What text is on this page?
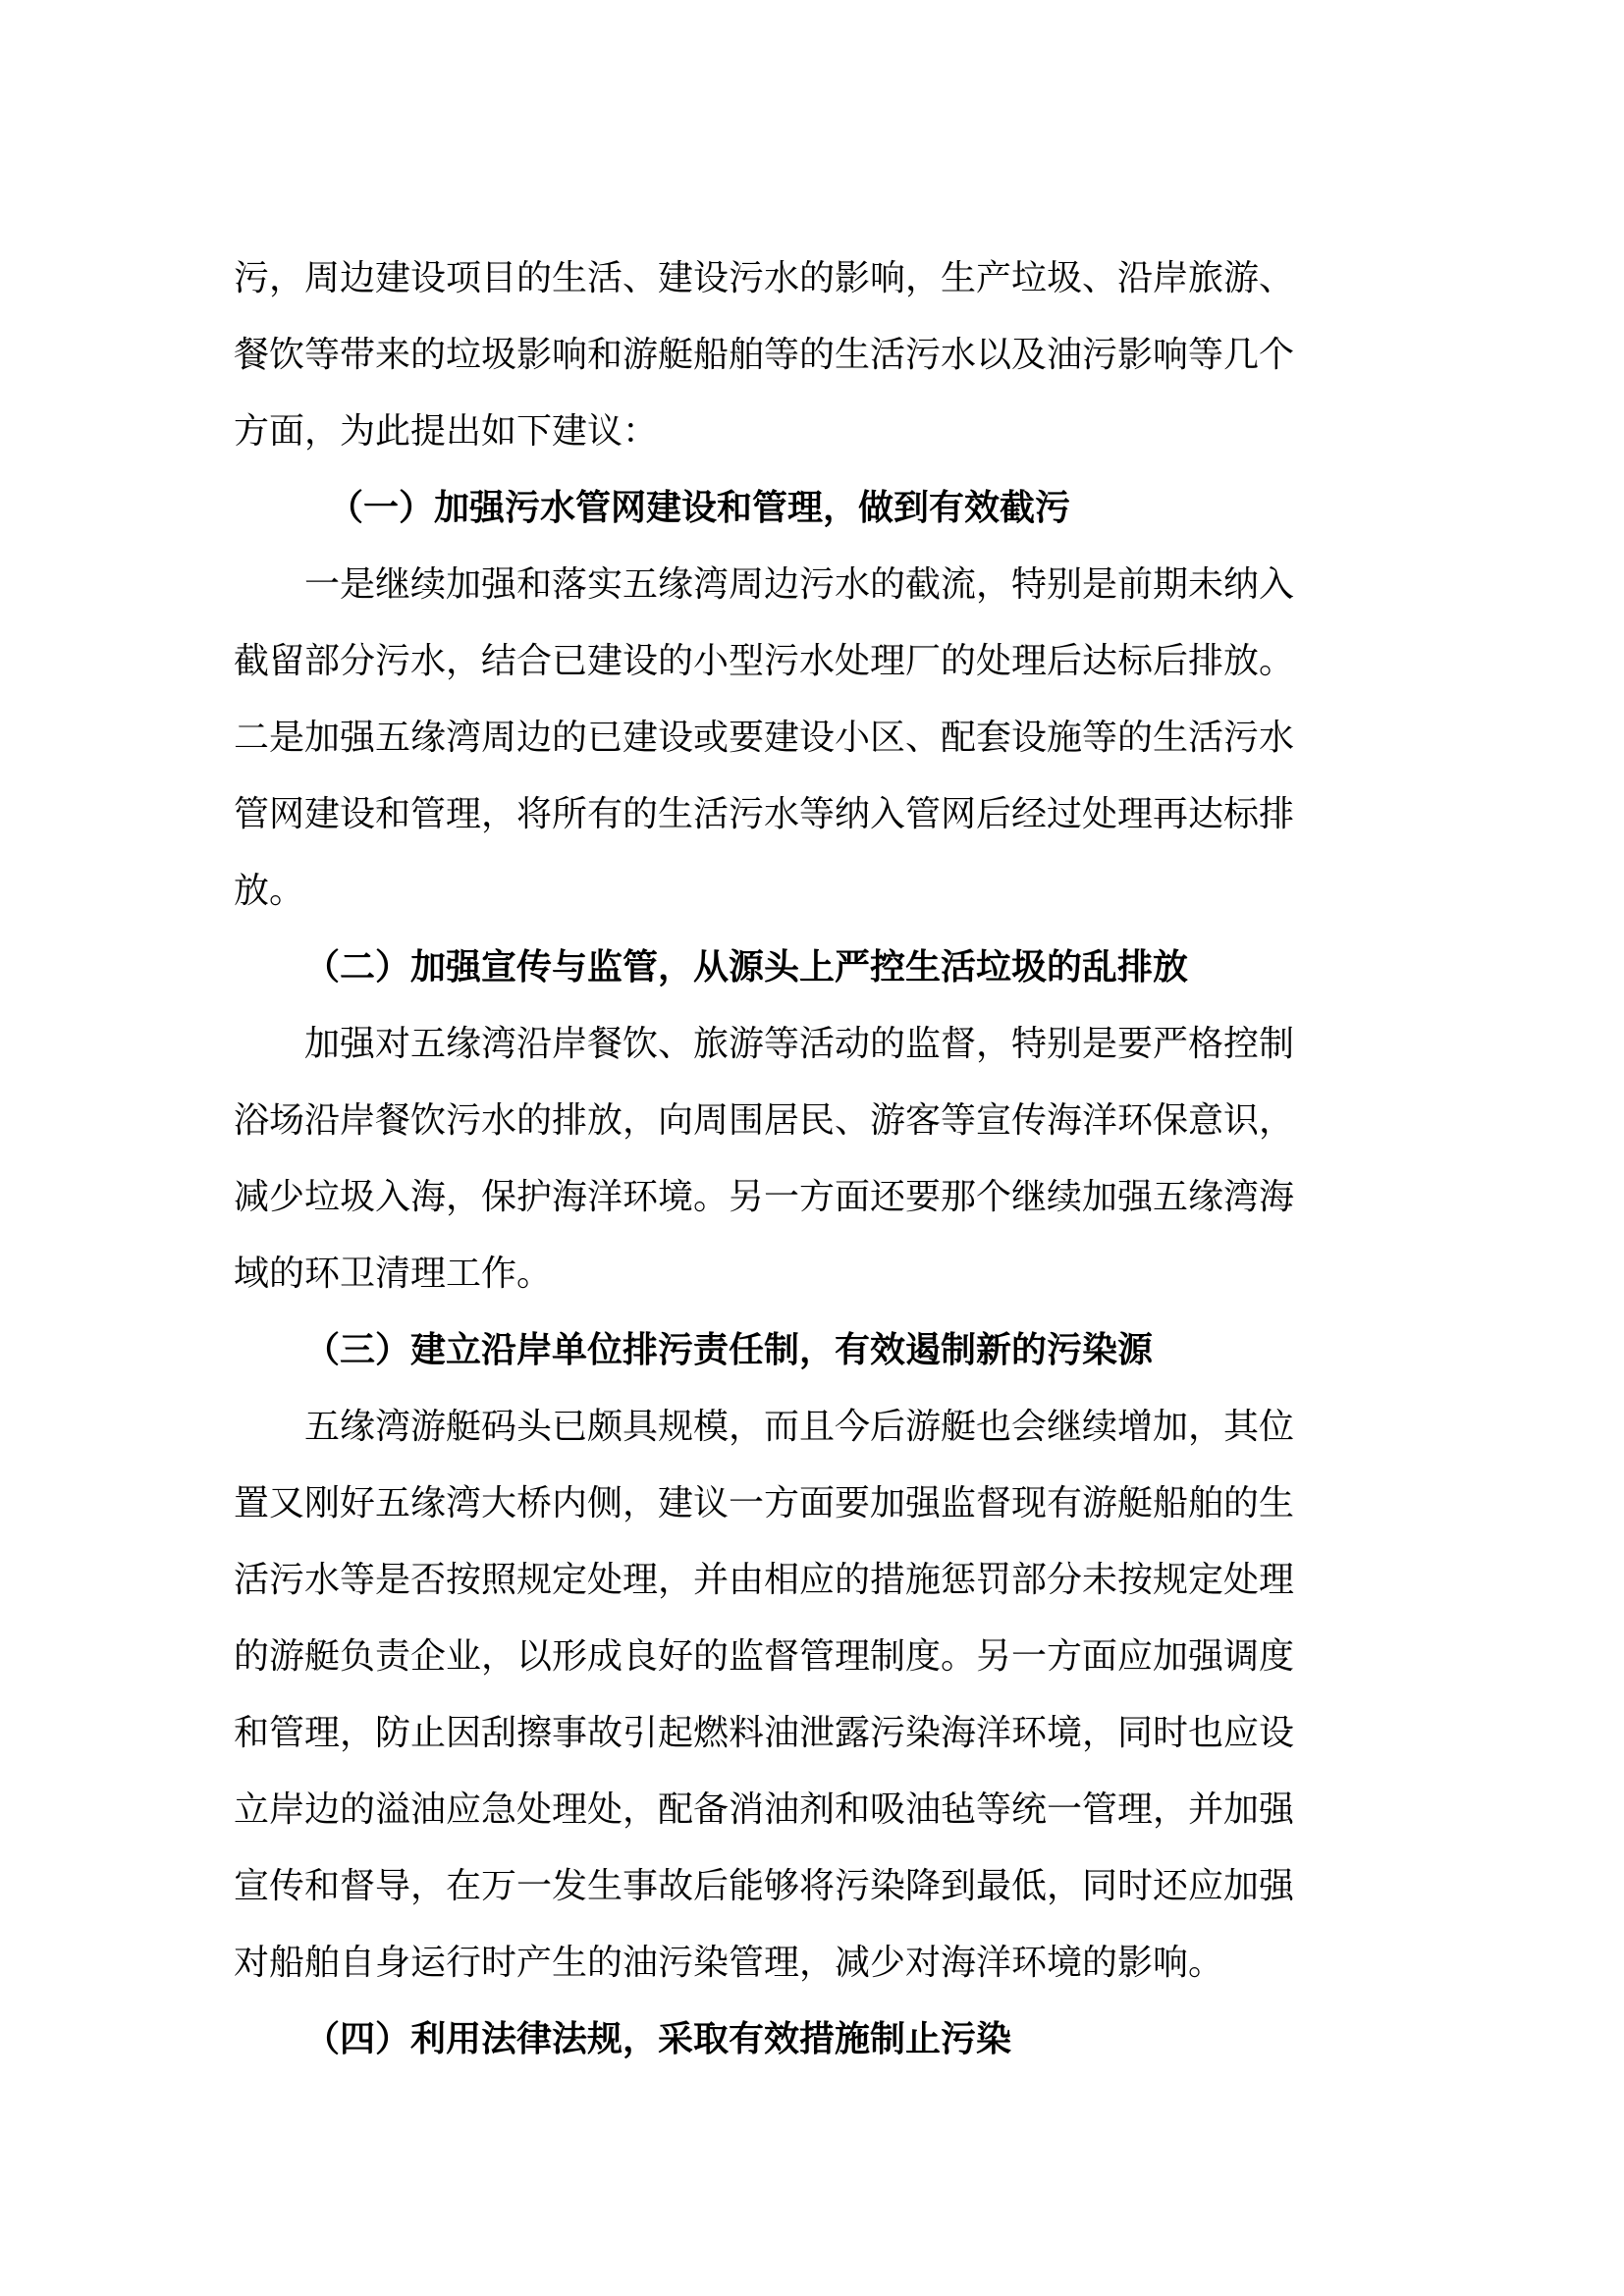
污，周边建设项目的生活、建设污水的影响，生产垃圾、沿岸旅游、
餐饮等带来的垃圾影响和游艇船舶等的生活污水以及油污影响等几个
方面，为此提出如下建议：
（一）加强污水管网建设和管理，做到有效截污
一是继续加强和落实五缘湾周边污水的截流，特别是前期未纳入
截留部分污水，结合已建设的小型污水处理厂的处理后达标后排放。
二是加强五缘湾周边的已建设或要建设小区、配套设施等的生活污水
管网建设和管理，将所有的生活污水等纳入管网后经过处理再达标排
放。
（二）加强宣传与监管，从源头上严控生活垃圾的乱排放
加强对五缘湾沿岸餐饮、旅游等活动的监督，特别是要严格控制
浴场沿岸餐饮污水的排放，向周围居民、游客等宣传海洋环保意识，
减少垃圾入海，保护海洋环境。另一方面还要那个继续加强五缘湾海
域的环卫清理工作。
（三）建立沿岸单位排污责任制，有效遏制新的污染源
五缘湾游艇码头已颇具规模，而且今后游艇也会继续增加，其位
置又刚好五缘湾大桥内侧，建议一方面要加强监督现有游艇船舶的生
活污水等是否按照规定处理，并由相应的措施惩罚部分未按规定处理
的游艇负责企业，以形成良好的监督管理制度。另一方面应加强调度
和管理，防止因刮擦事故引起燃料油泄露污染海洋环境，同时也应设
立岸边的溢油应急处理处，配备消油剂和吸油毡等统一管理，并加强
宣传和督导，在万一发生事故后能够将污染降到最低，同时还应加强
对船舶自身运行时产生的油污染管理，减少对海洋环境的影响。
（四）利用法律法规，采取有效措施制止污染
